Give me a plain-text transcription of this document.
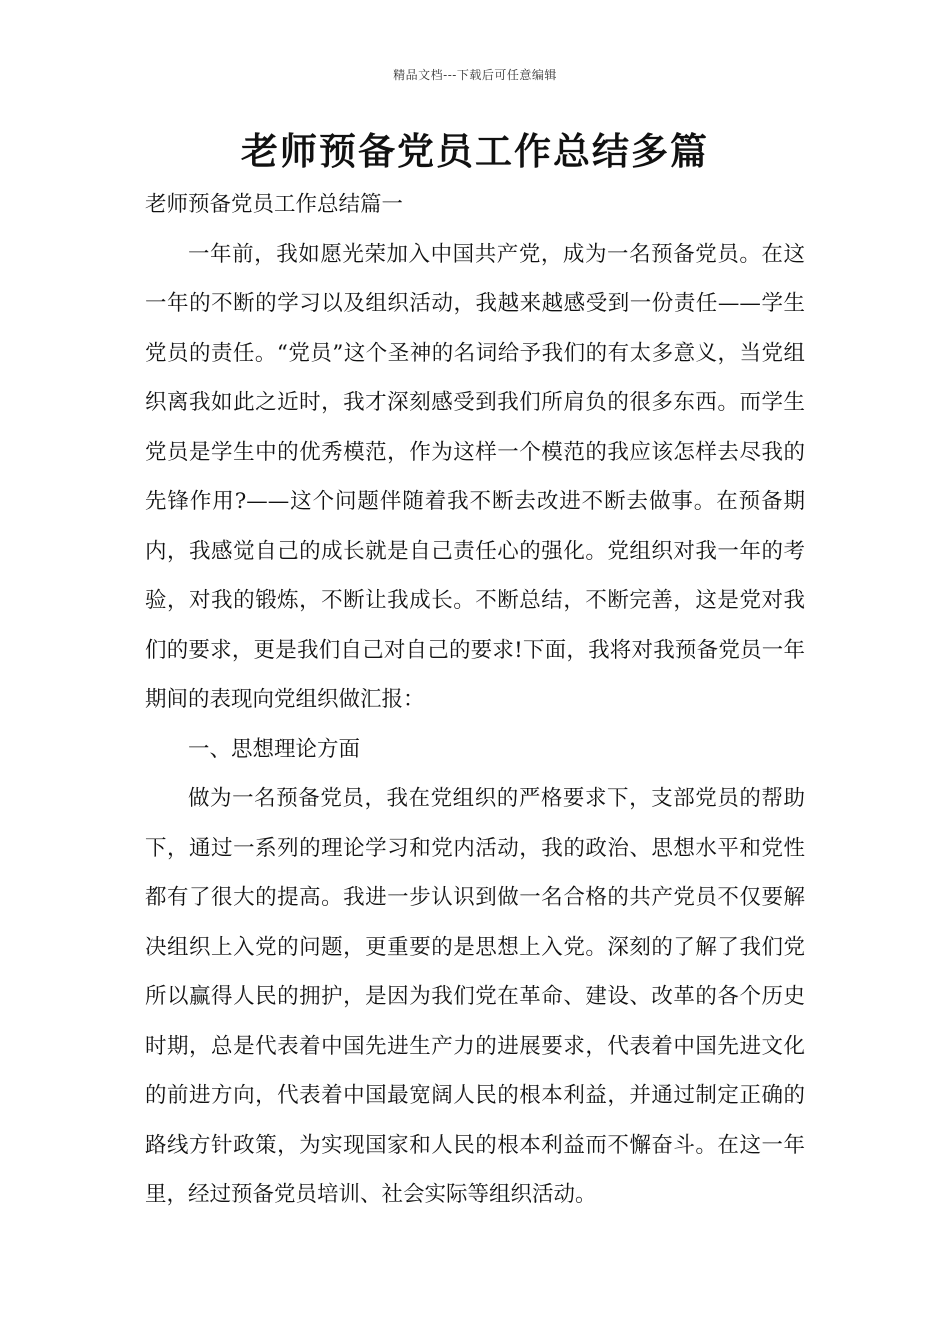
精品文档---下载后可任意编辑
老师预备党员工作总结多篇

老师预备党员工作总结篇一

一年前，我如愿光荣加入中国共产党，成为一名预备党员。在这一年的不断的学习以及组织活动，我越来越感受到一份责任——学生党员的责任。“党员”这个圣神的名词给予我们的有太多意义，当党组织离我如此之近时，我才深刻感受到我们所肩负的很多东西。而学生党员是学生中的优秀模范，作为这样一个模范的我应该怎样去尽我的先锋作用?——这个问题伴随着我不断去改进不断去做事。在预备期内，我感觉自己的成长就是自己责任心的强化。党组织对我一年的考验，对我的锻炼，不断让我成长。不断总结，不断完善，这是党对我们的要求，更是我们自己对自己的要求!下面，我将对我预备党员一年期间的表现向党组织做汇报：

一、思想理论方面

做为一名预备党员，我在党组织的严格要求下，支部党员的帮助下，通过一系列的理论学习和党内活动，我的政治、思想水平和党性都有了很大的提高。我进一步认识到做一名合格的共产党员不仅要解决组织上入党的问题，更重要的是思想上入党。深刻的了解了我们党所以赢得人民的拥护，是因为我们党在革命、建设、改革的各个历史时期，总是代表着中国先进生产力的进展要求，代表着中国先进文化的前进方向，代表着中国最宽阔人民的根本利益，并通过制定正确的路线方针政策，为实现国家和人民的根本利益而不懈奋斗。在这一年里，经过预备党员培训、社会实际等组织活动。
